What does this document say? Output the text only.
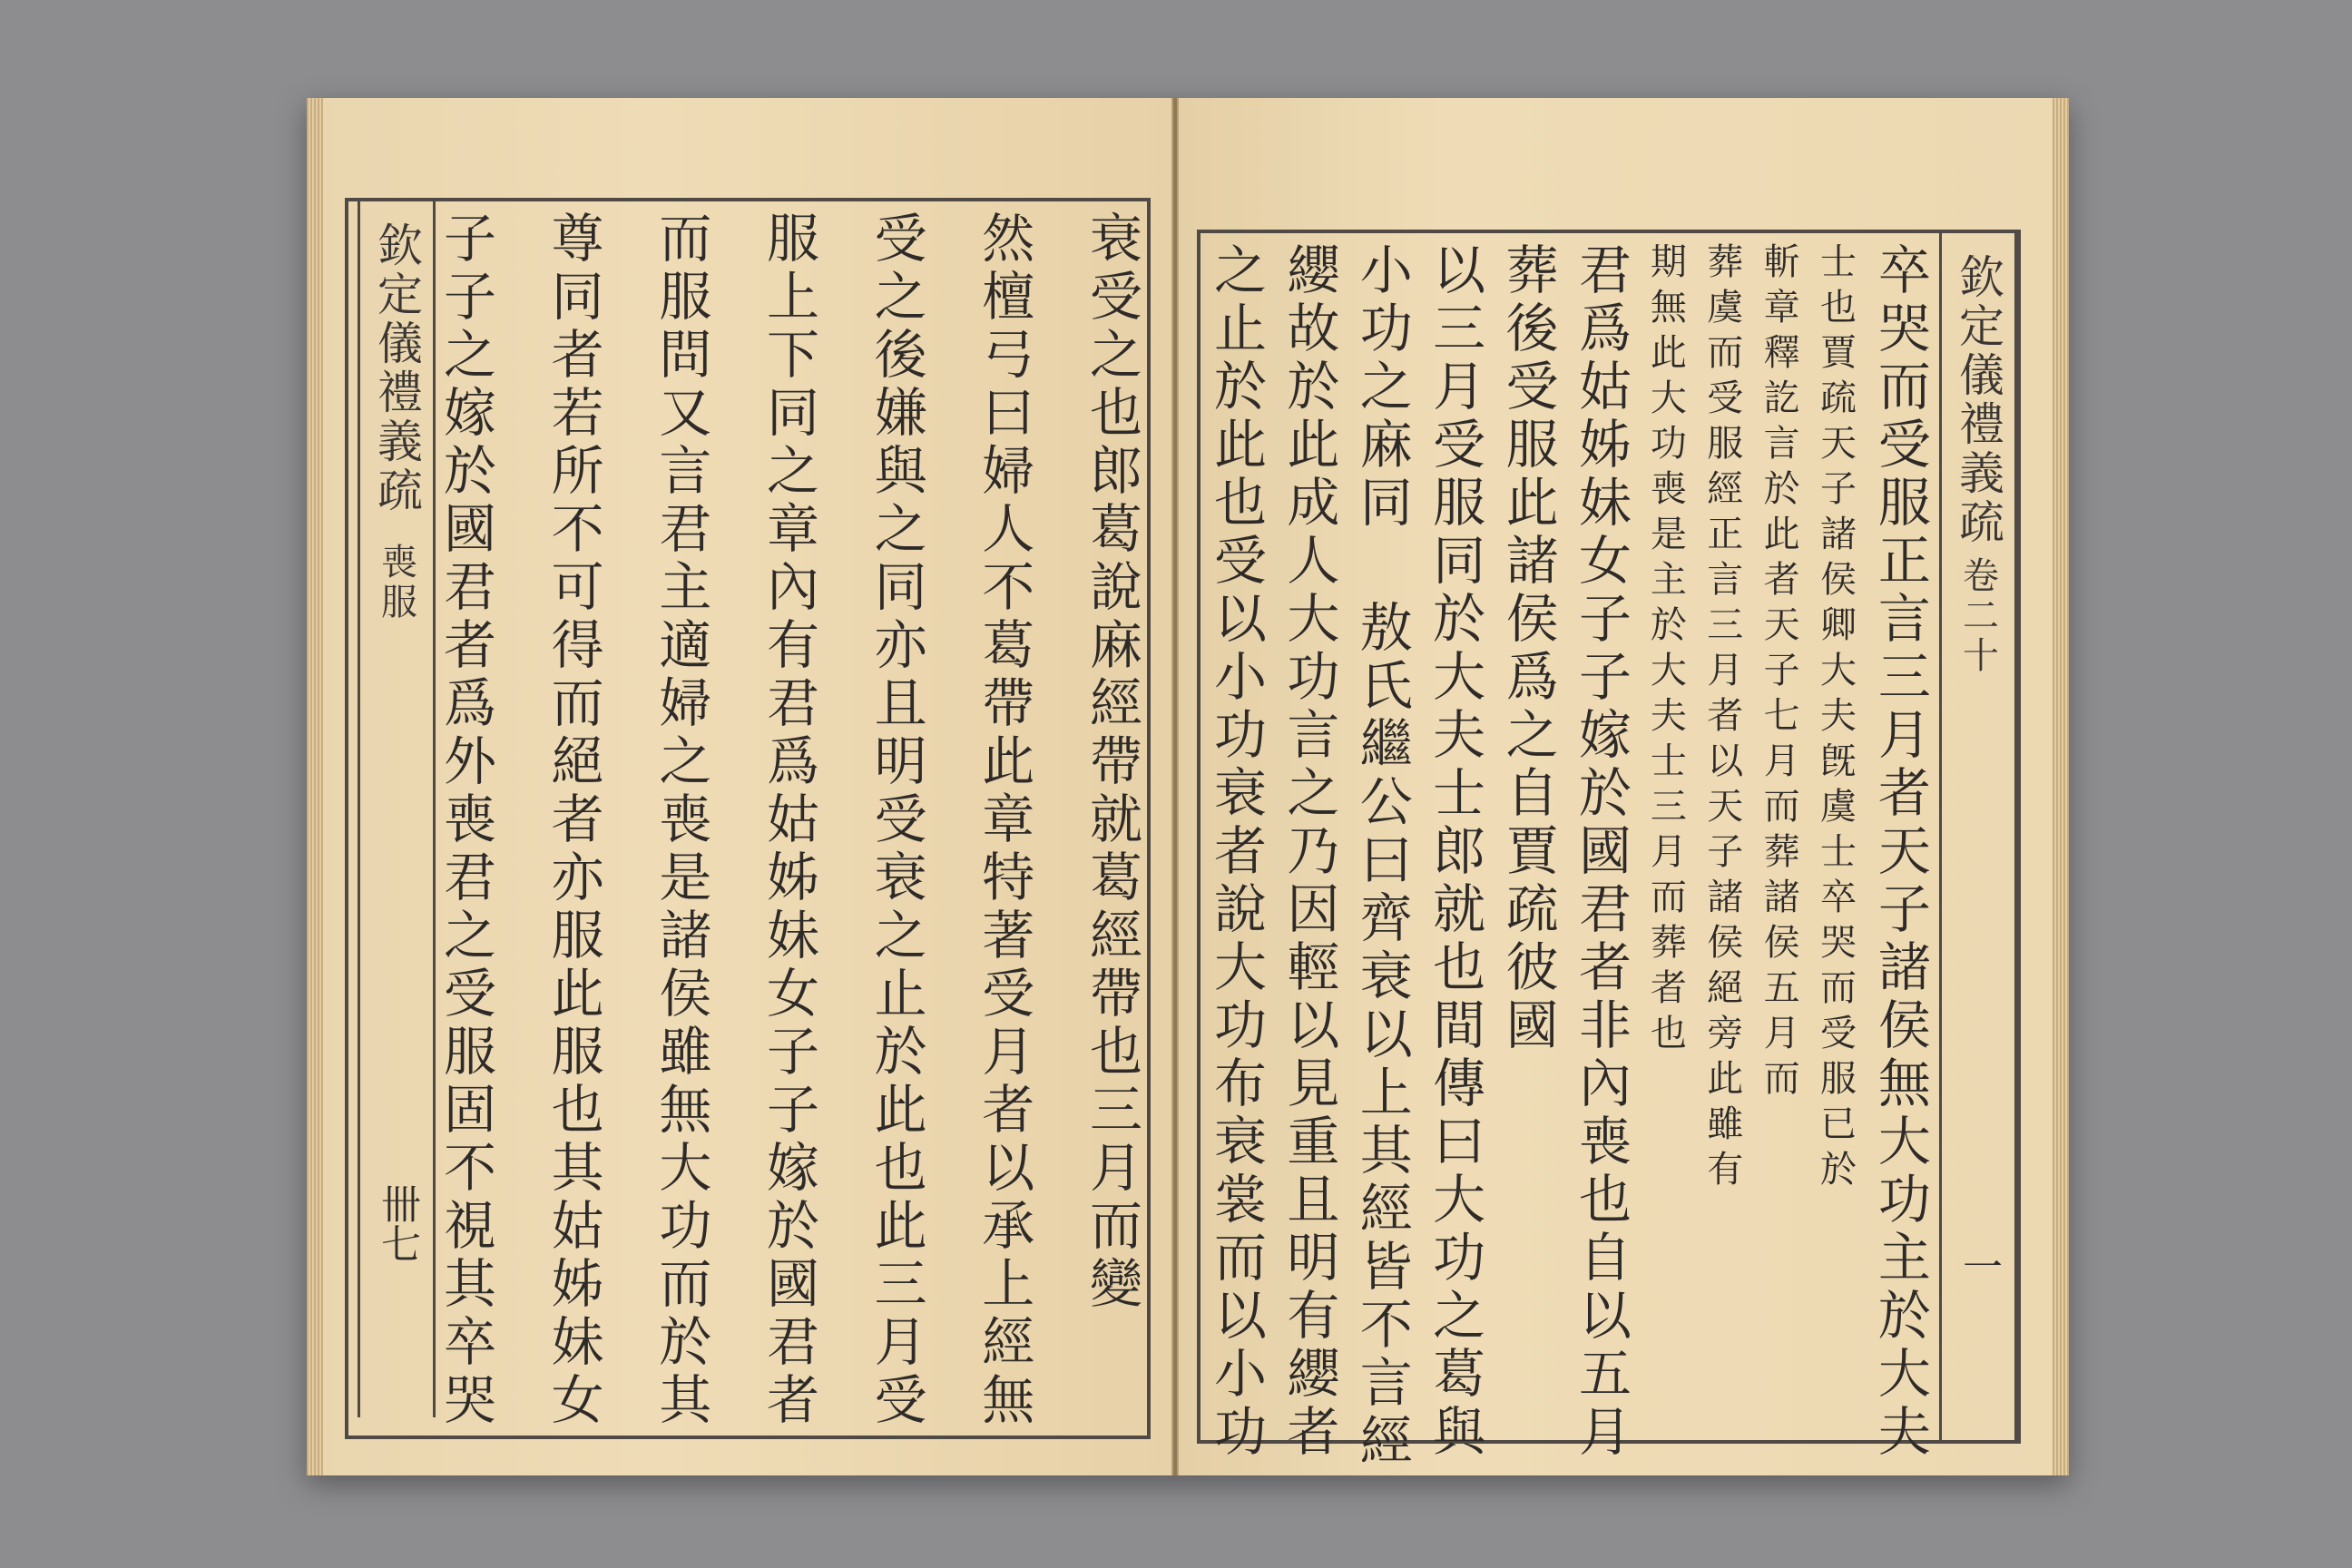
欽定儀禮義疏
喪服
卌七	衰受之也郎葛說麻經帶就葛經帶也三月而變
然檀弓曰婦人不葛帶此章特著受月者以承上經無
受之後嫌與之同亦且明受衰之止於此也此三月受
服上下同之章內有君爲姑姊妹女子子嫁於國君者
而服問又言君主適婦之喪是諸侯雖無大功而於其
尊同者若所不可得而絕者亦服此服也其姑姊妹女
子子之嫁於國君者爲外喪君之受服固不視其卒哭	欽定儀禮義疏
卷二十
一
卒哭而受服正言三月者天子諸侯無大功主於大夫
士也賈疏天子諸侯卿大夫旣虞士卒哭而受服已於
斬章釋訖言於此者天子七月而葬諸侯五月而
葬虞而受服經正言三月者以天子諸侯絕旁此雖有
期無此大功喪是主於大夫士三月而葬者也
君爲姑姊妹女子子嫁於國君者非內喪也自以五月
葬後受服此諸侯爲之自賈疏彼國
以三月受服同於大夫士郎就也間傳曰大功之葛與
小功之麻同 敖氏繼公曰齊衰以上其經皆不言經
纓故於此成人大功言之乃因輕以見重且明有纓者
之止於此也受以小功衰者說大功布衰裳而以小功
